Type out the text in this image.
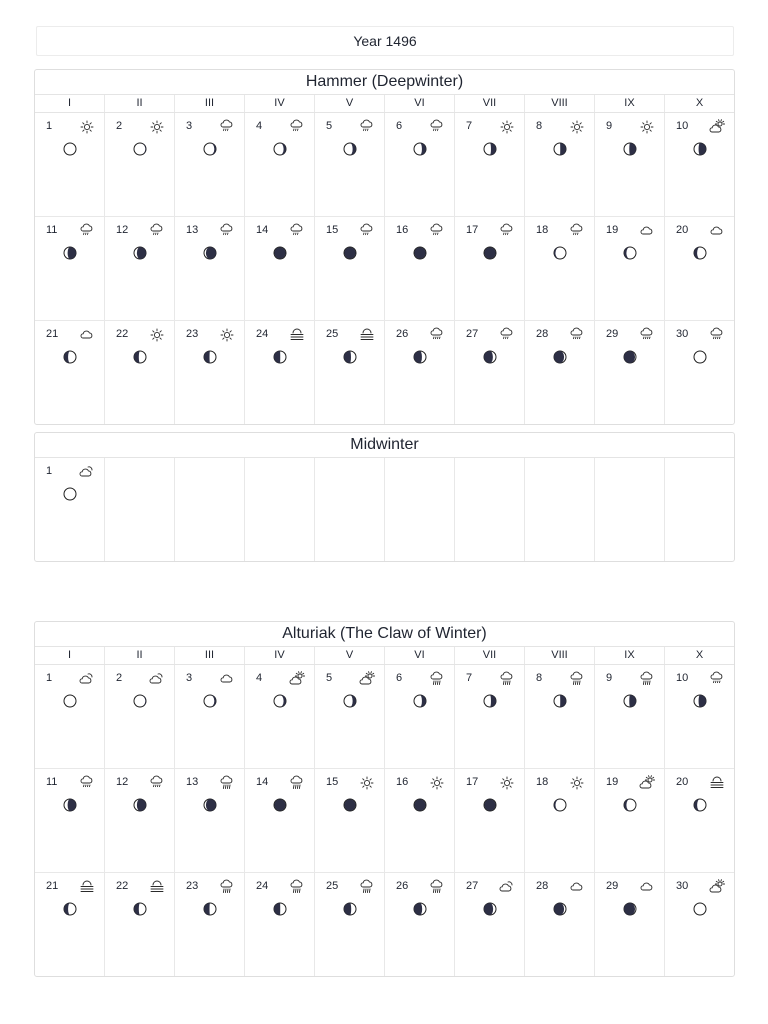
Year 1496
Hammer (Deepwinter)
I	II	III	IV	V	VI	VII	VIII	IX	X
1	2	3	4	5	6	7	8	9	10
11	12	13	14	15	16	17	18	19	20
21	22	23	24	25	26	27	28	29	30
Midwinter
1
Alturiak (The Claw of Winter)
I	II	III	IV	V	VI	VII	VIII	IX	X
1	2	3	4	5	6	7	8	9	10
11	12	13	14	15	16	17	18	19	20
21	22	23	24	25	26	27	28	29	30
